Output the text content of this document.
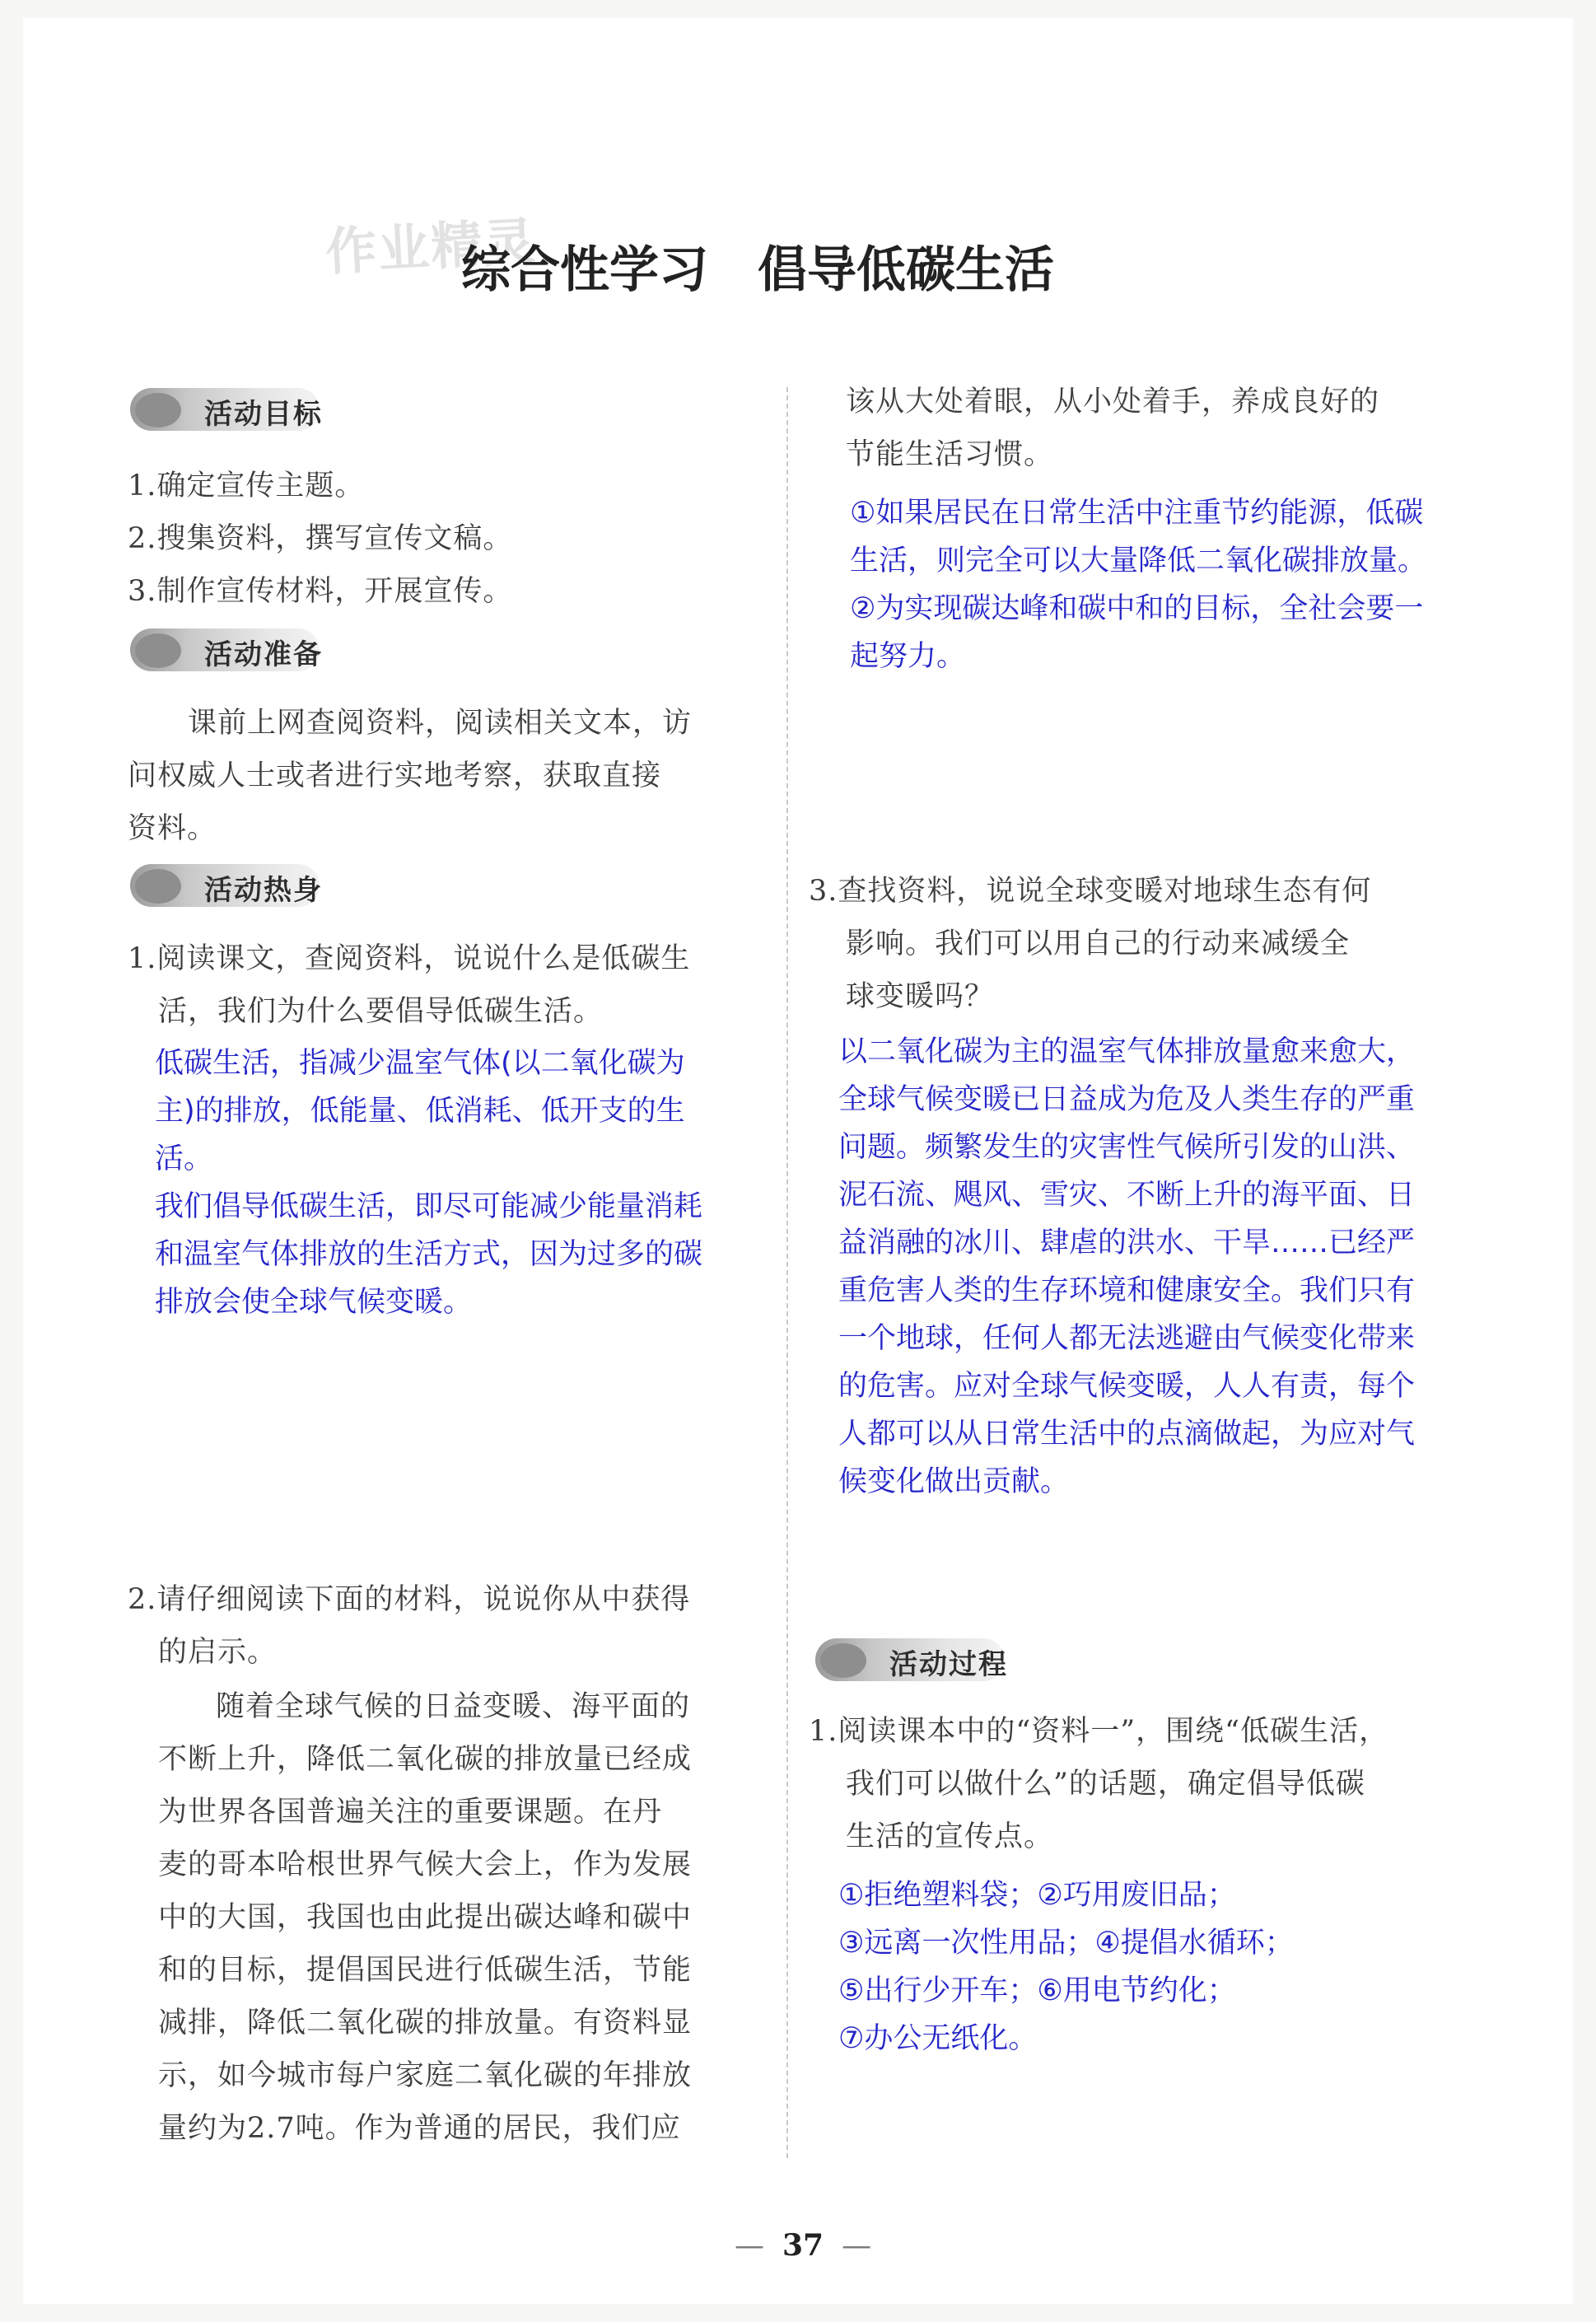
作业精灵
综合性学习　倡导低碳生活
活动目标
1.确定宣传主题。
2.搜集资料，撰写宣传文稿。
3.制作宣传材料，开展宣传。
活动准备
课前上网查阅资料，阅读相关文本，访
问权威人士或者进行实地考察，获取直接
资料。
活动热身
1.阅读课文，查阅资料，说说什么是低碳生
活，我们为什么要倡导低碳生活。
低碳生活，指减少温室气体(以二氧化碳为
主)的排放，低能量、低消耗、低开支的生
活。
我们倡导低碳生活，即尽可能减少能量消耗
和温室气体排放的生活方式，因为过多的碳
排放会使全球气候变暖。
2.请仔细阅读下面的材料，说说你从中获得
的启示。
随着全球气候的日益变暖、海平面的
不断上升，降低二氧化碳的排放量已经成
为世界各国普遍关注的重要课题。在丹
麦的哥本哈根世界气候大会上，作为发展
中的大国，我国也由此提出碳达峰和碳中
和的目标，提倡国民进行低碳生活，节能
减排，降低二氧化碳的排放量。有资料显
示，如今城市每户家庭二氧化碳的年排放
量约为2.7吨。作为普通的居民，我们应
该从大处着眼，从小处着手，养成良好的
节能生活习惯。
①如果居民在日常生活中注重节约能源，低碳
生活，则完全可以大量降低二氧化碳排放量。
②为实现碳达峰和碳中和的目标，全社会要一
起努力。
3.查找资料，说说全球变暖对地球生态有何
影响。我们可以用自己的行动来减缓全
球变暖吗？
以二氧化碳为主的温室气体排放量愈来愈大，
全球气候变暖已日益成为危及人类生存的严重
问题。频繁发生的灾害性气候所引发的山洪、
泥石流、飓风、雪灾、不断上升的海平面、日
益消融的冰川、肆虐的洪水、干旱……已经严
重危害人类的生存环境和健康安全。我们只有
一个地球，任何人都无法逃避由气候变化带来
的危害。应对全球气候变暖，人人有责，每个
人都可以从日常生活中的点滴做起，为应对气
候变化做出贡献。
活动过程
1.阅读课本中的“资料一”，围绕“低碳生活，
我们可以做什么”的话题，确定倡导低碳
生活的宣传点。
①拒绝塑料袋；②巧用废旧品；
③远离一次性用品；④提倡水循环；
⑤出行少开车；⑥用电节约化；
⑦办公无纸化。
— 37 —
